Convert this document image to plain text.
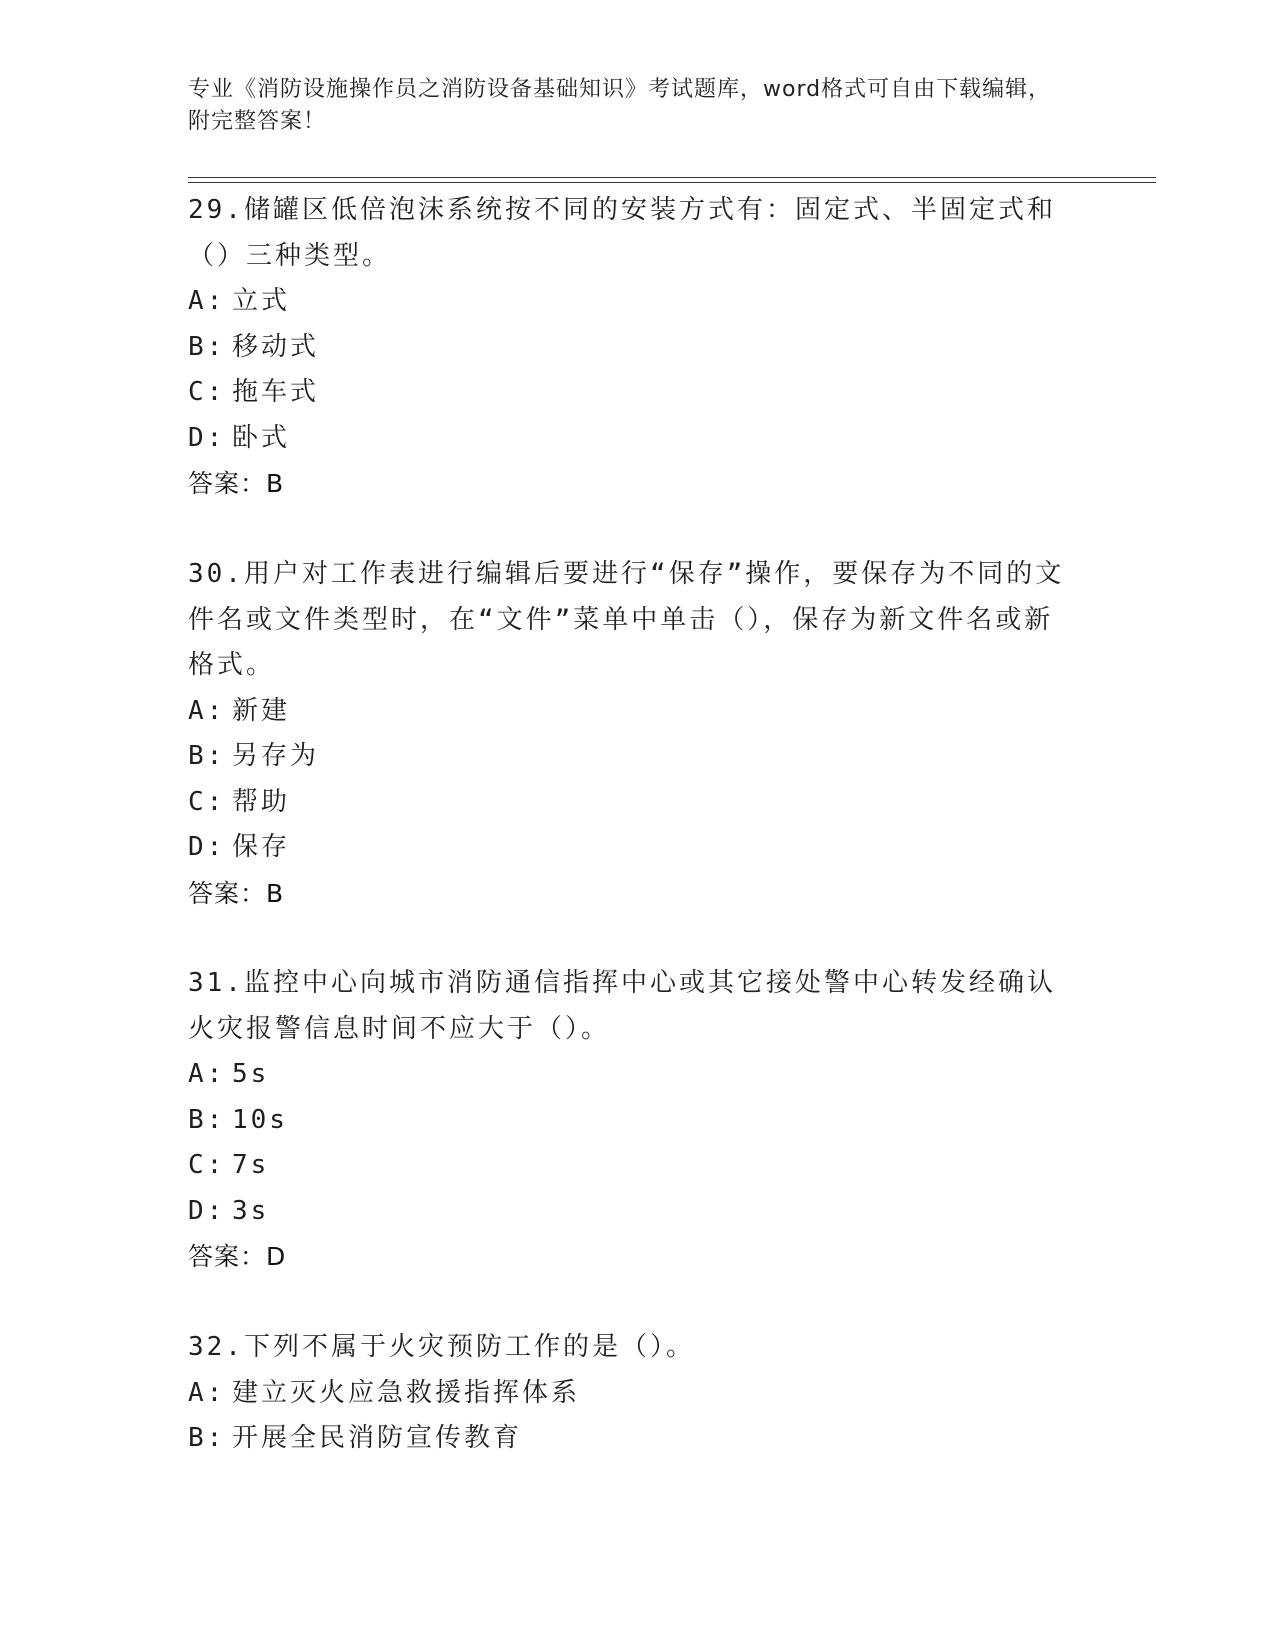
专业《消防设施操作员之消防设备基础知识》考试题库，word格式可自由下载编辑，附完整答案！
29.储罐区低倍泡沫系统按不同的安装方式有：固定式、半固定式和（）三种类型。
A: 立式
B: 移动式
C: 拖车式
D: 卧式
答案：B
30.用户对工作表进行编辑后要进行“保存”操作，要保存为不同的文件名或文件类型时，在“文件”菜单中单击（），保存为新文件名或新格式。
A: 新建
B: 另存为
C: 帮助
D: 保存
答案：B
31.监控中心向城市消防通信指挥中心或其它接处警中心转发经确认火灾报警信息时间不应大于（）。
A: 5s
B: 10s
C: 7s
D: 3s
答案：D
32.下列不属于火灾预防工作的是（）。
A: 建立灭火应急救援指挥体系
B: 开展全民消防宣传教育
